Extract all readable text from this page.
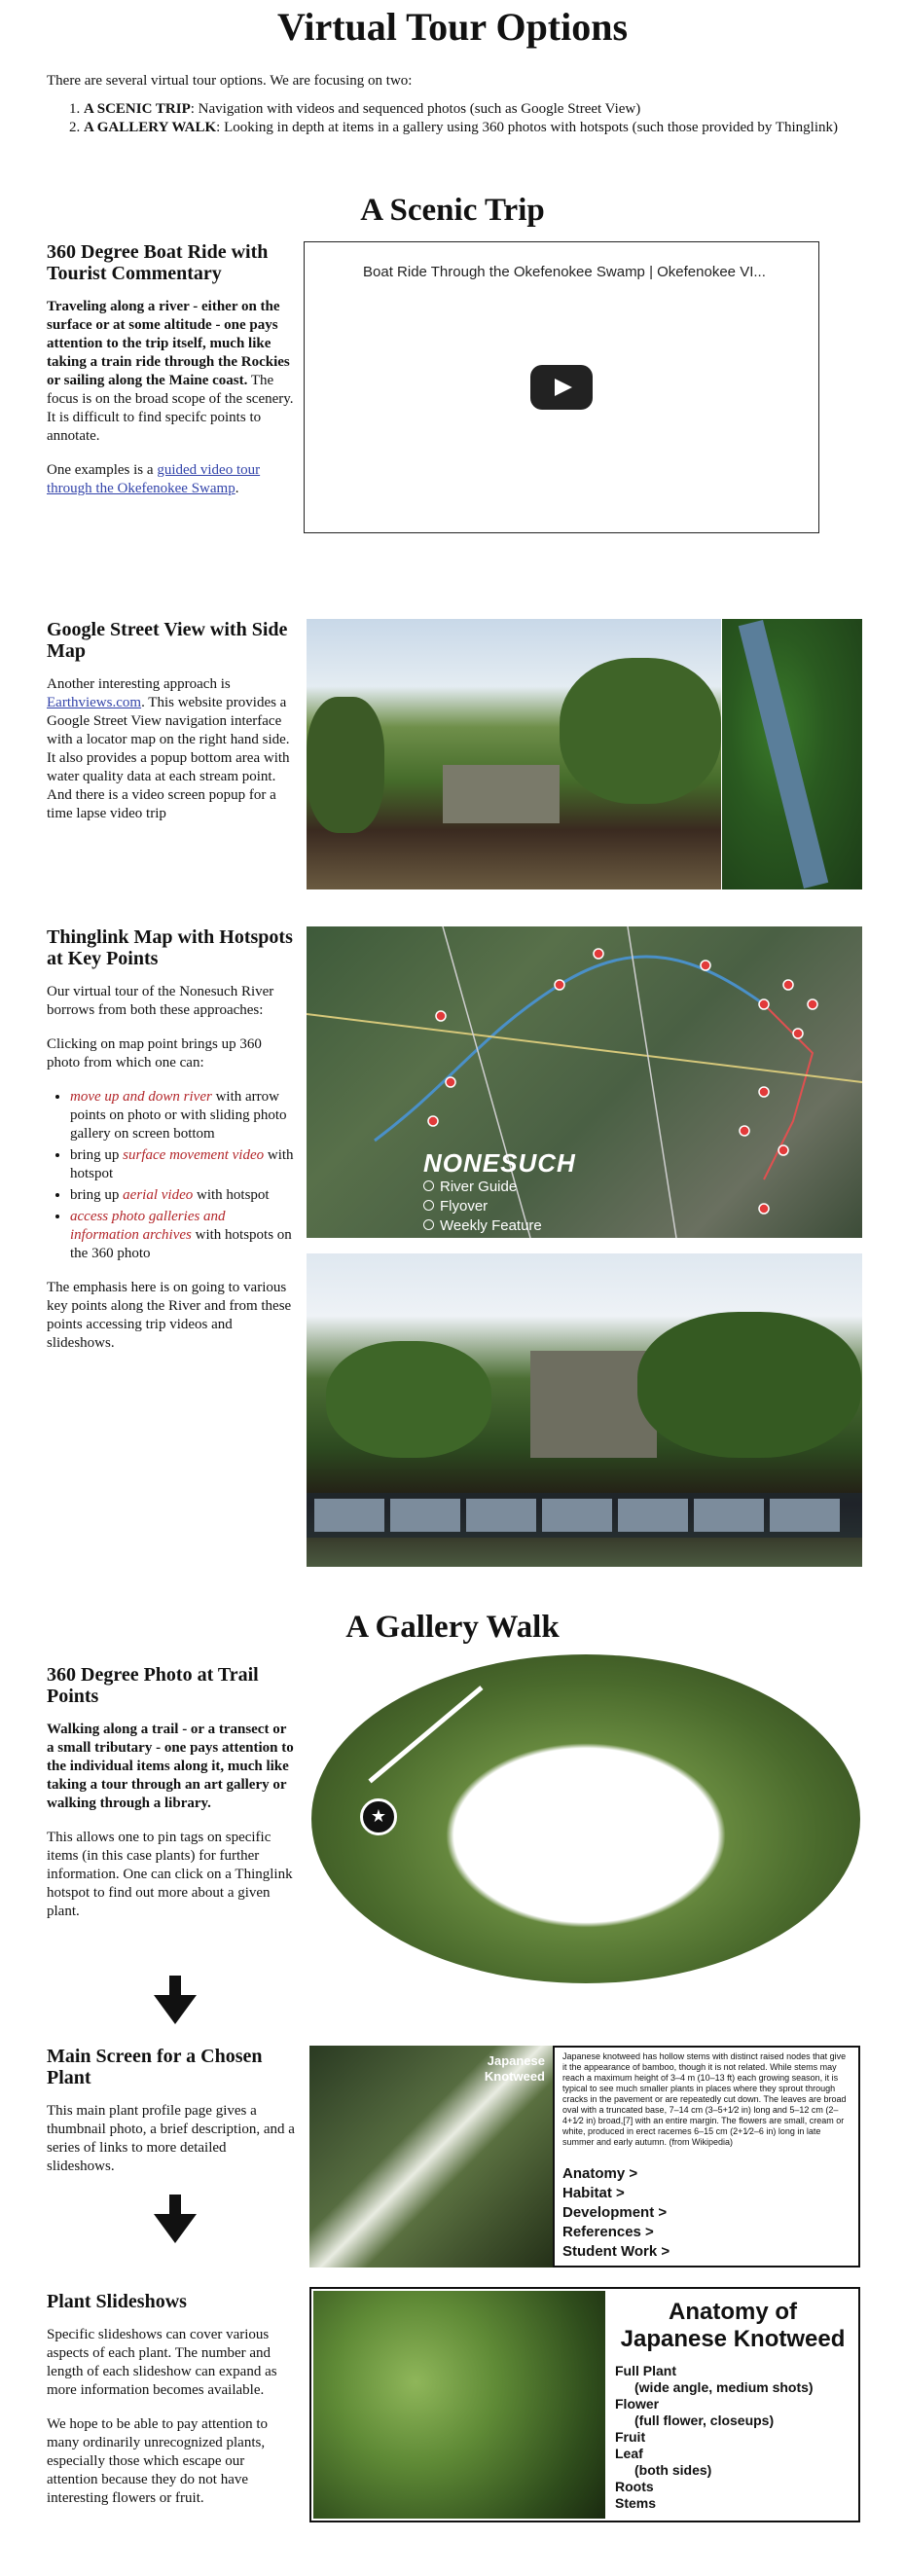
Virtual Tour Options
There are several virtual tour options. We are focusing on two:
1. A SCENIC TRIP: Navigation with videos and sequenced photos (such as Google Street View)
2. A GALLERY WALK: Looking in depth at items in a gallery using 360 photos with hotspots (such those provided by Thinglink)
A Scenic Trip
360 Degree Boat Ride with Tourist Commentary

Traveling along a river - either on the surface or at some altitude - one pays attention to the trip itself, much like taking a train ride through the Rockies or sailing along the Maine coast. The focus is on the broad scope of the scenery. It is difficult to find specifc points to annotate.

One examples is a guided video tour through the Okefenokee Swamp.

Boat Ride Through the Okefenokee Swamp | Okefenokee VI...
Google Street View with Side Map

Another interesting approach is Earthviews.com. This website provides a Google Street View navigation interface with a locator map on the right hand side. It also provides a popup bottom area with water quality data at each stream point. And there is a video screen popup for a time lapse video trip

Thinglink Map with Hotspots at Key Points

Our virtual tour of the Nonesuch River borrows from both these approaches:

Clicking on map point brings up 360 photo from which one can:

• move up and down river with arrow points on photo or with sliding photo gallery on screen bottom
• bring up surface movement video with hotspot
• bring up aerial video with hotspot
• access photo galleries and information archives with hotspots on the 360 photo

The emphasis here is on going to various key points along the River and from these points accessing trip videos and slideshows.

NONESUCH
River Guide
Flyover
Weekly Feature
A Gallery Walk
360 Degree Photo at Trail Points

Walking along a trail - or a transect or a small tributary - one pays attention to the individual items along it, much like taking a tour through an art gallery or walking through a library.

This allows one to pin tags on specific items (in this case plants) for further information. One can click on a Thinglink hotspot to find out more about a given plant.

★
Main Screen for a Chosen Plant

This main plant profile page gives a thumbnail photo, a brief description, and a series of links to more detailed slideshows.

Japanese Knotweed
Japanese knotweed has hollow stems with distinct raised nodes that give it the appearance of bamboo, though it is not related. While stems may reach a maximum height of 3–4 m (10–13 ft) each growing season, it is typical to see much smaller plants in places where they sprout through cracks in the pavement or are repeatedly cut down. The leaves are broad oval with a truncated base, 7–14 cm (3–5+1⁄2 in) long and 5–12 cm (2–4+1⁄2 in) broad,[7] with an entire margin. The flowers are small, cream or white, produced in erect racemes 6–15 cm (2+1⁄2–6 in) long in late summer and early autumn. (from Wikipedia)
Anatomy >
Habitat >
Development >
References >
Student Work >
Plant Slideshows

Specific slideshows can cover various aspects of each plant. The number and length of each slideshow can expand as more information becomes available.

We hope to be able to pay attention to many ordinarily unrecognized plants, especially those which escape our attention because they do not have interesting flowers or fruit.

Anatomy of
Japanese Knotweed
Full Plant
(wide angle, medium shots)
Flower
(full flower, closeups)
Fruit
Leaf
(both sides)
Roots
Stems
